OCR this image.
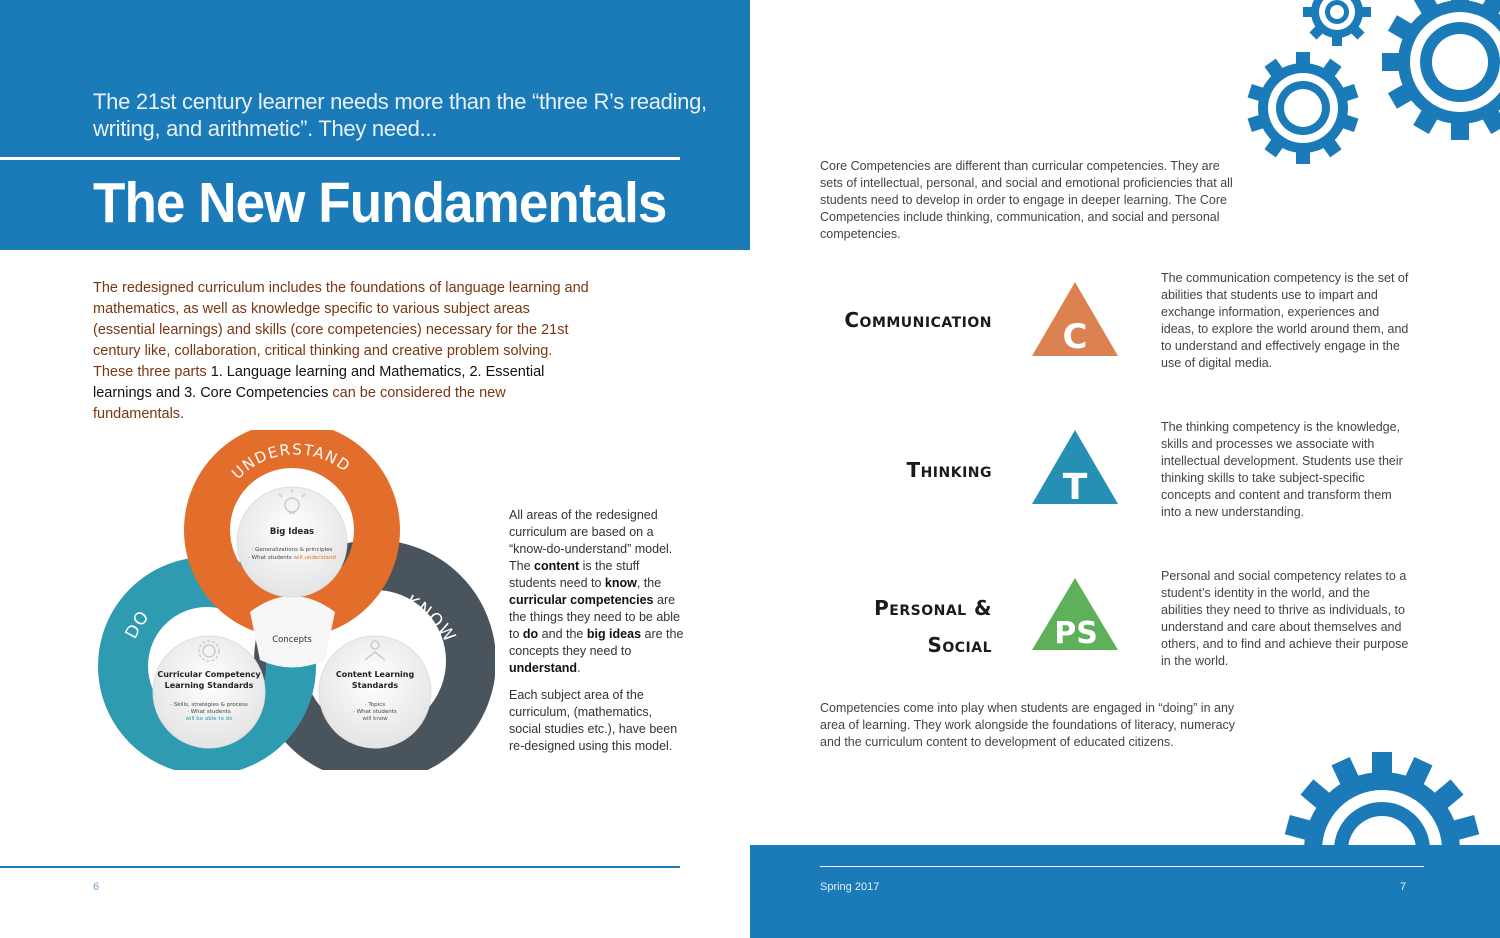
The 21st century learner needs more than the “three R’s reading, writing, and arithmetic”. They need...
The New Fundamentals
The redesigned curriculum includes the foundations of language learning and mathematics, as well as knowledge specific to various subject areas (essential learnings) and skills (core competencies) necessary for the 21st century like, collaboration, critical thinking and creative problem solving. These three parts 1. Language learning and Mathematics, 2. Essential learnings and 3. Core Competencies can be considered the new fundamentals.
UNDERSTAND
DO
KNOW
Big Ideas
· Generalizations & principles
· What students will understand
Concepts
Curricular Competency
Learning Standards
· Skills, strategies & process
· What students
will be able to do
Content Learning
Standards
· Topics
· What students
will know

All areas of the redesigned curriculum are based on a “know-do-understand” model. The content is the stuff students need to know, the curricular competencies are the things they need to be able to do and the big ideas are the concepts they need to understand.

Each subject area of the curriculum, (mathematics, social studies etc.), have been re-designed using this model.

6
Core Competencies are different than curricular competencies. They are sets of intellectual, personal, and social and emotional proficiencies that all students need to develop in order to engage in deeper learning. The Core Competencies include thinking, communication, and social and personal competencies.
Communication C
The communication competency is the set of abilities that students use to impart and exchange information, experiences and ideas, to explore the world around them, and to understand and effectively engage in the use of digital media.
Thinking T
The thinking competency is the knowledge, skills and processes we associate with intellectual development. Students use their thinking skills to take subject-specific concepts and content and transform them into a new understanding.
Personal &
Social PS
Personal and social competency relates to a student’s identity in the world, and the abilities they need to thrive as individuals, to understand and care about themselves and others, and to find and achieve their purpose in the world.
Competencies come into play when students are engaged in “doing” in any area of learning. They work alongside the foundations of literacy, numeracy and the curriculum content to development of educated citizens.
Spring 2017	7
